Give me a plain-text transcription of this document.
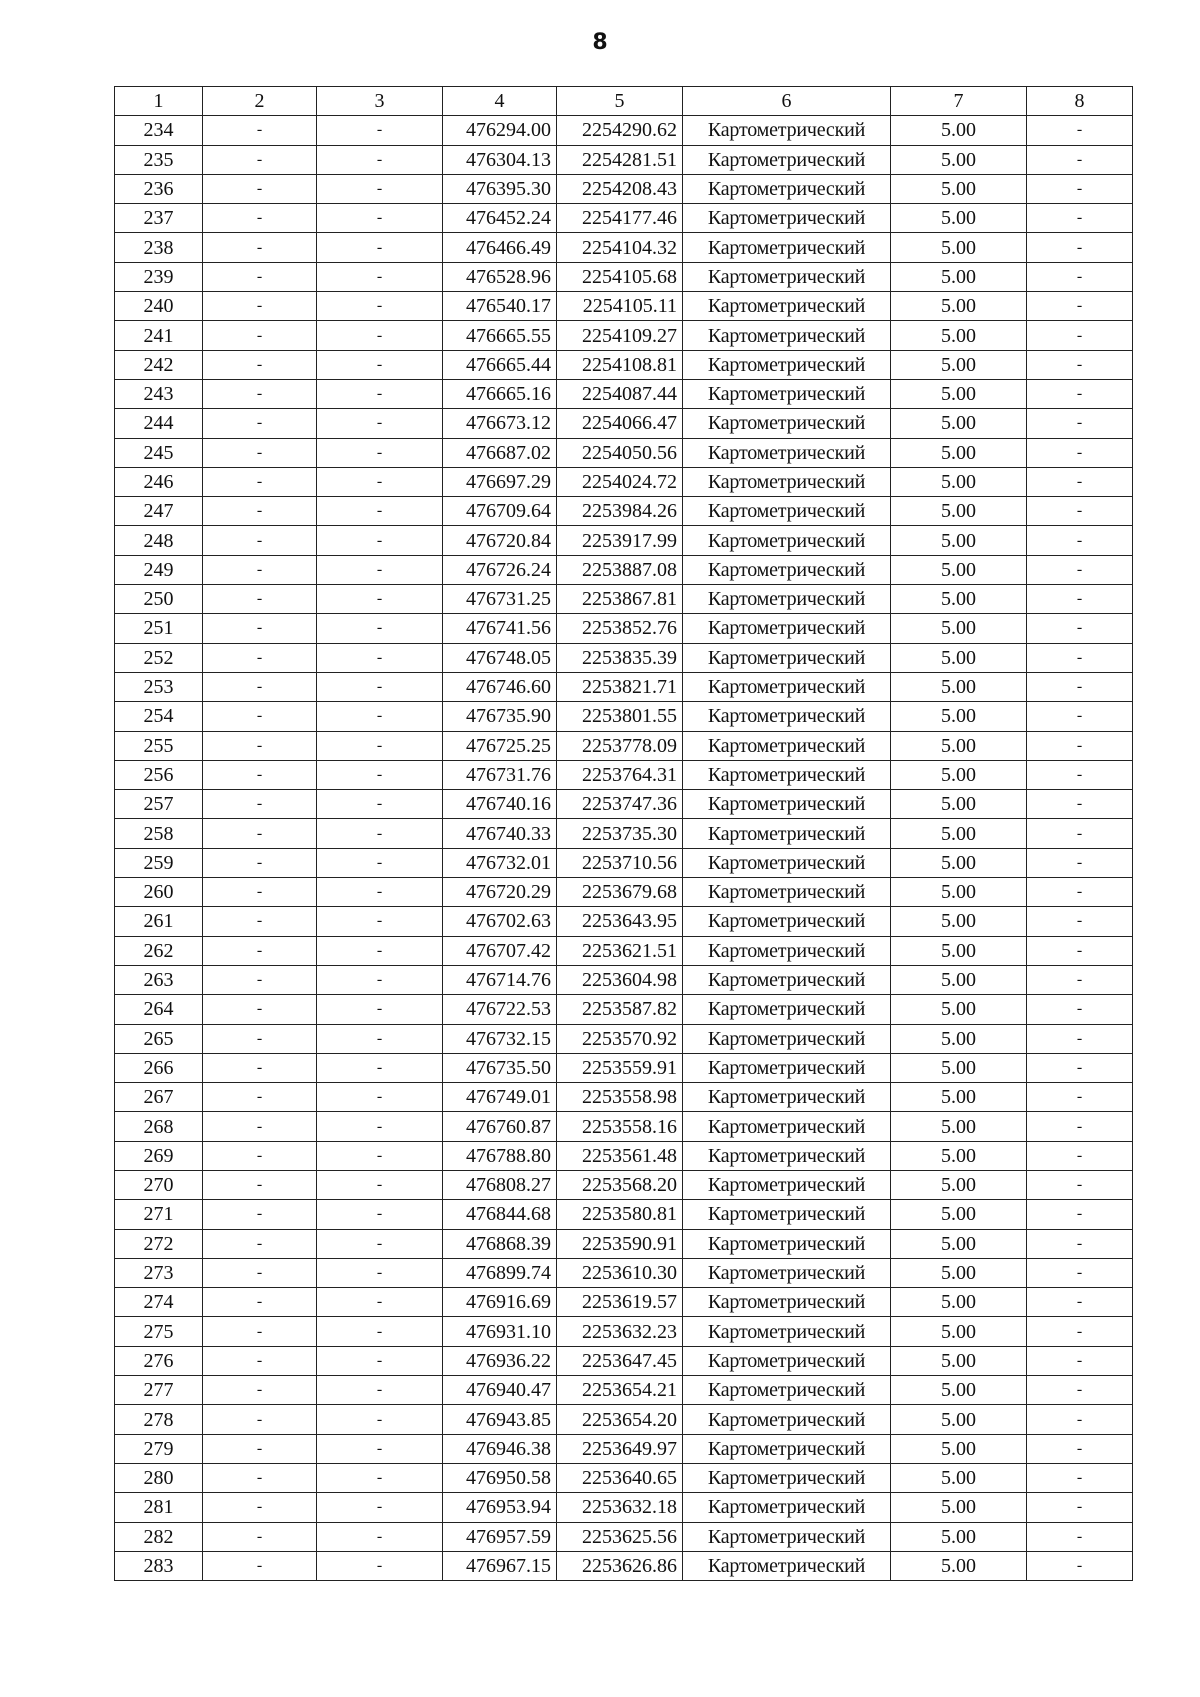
8
1	2	3	4	5	6	7	8
234	-	-	476294.00	2254290.62	Картометрический	5.00	-
235	-	-	476304.13	2254281.51	Картометрический	5.00	-
236	-	-	476395.30	2254208.43	Картометрический	5.00	-
237	-	-	476452.24	2254177.46	Картометрический	5.00	-
238	-	-	476466.49	2254104.32	Картометрический	5.00	-
239	-	-	476528.96	2254105.68	Картометрический	5.00	-
240	-	-	476540.17	2254105.11	Картометрический	5.00	-
241	-	-	476665.55	2254109.27	Картометрический	5.00	-
242	-	-	476665.44	2254108.81	Картометрический	5.00	-
243	-	-	476665.16	2254087.44	Картометрический	5.00	-
244	-	-	476673.12	2254066.47	Картометрический	5.00	-
245	-	-	476687.02	2254050.56	Картометрический	5.00	-
246	-	-	476697.29	2254024.72	Картометрический	5.00	-
247	-	-	476709.64	2253984.26	Картометрический	5.00	-
248	-	-	476720.84	2253917.99	Картометрический	5.00	-
249	-	-	476726.24	2253887.08	Картометрический	5.00	-
250	-	-	476731.25	2253867.81	Картометрический	5.00	-
251	-	-	476741.56	2253852.76	Картометрический	5.00	-
252	-	-	476748.05	2253835.39	Картометрический	5.00	-
253	-	-	476746.60	2253821.71	Картометрический	5.00	-
254	-	-	476735.90	2253801.55	Картометрический	5.00	-
255	-	-	476725.25	2253778.09	Картометрический	5.00	-
256	-	-	476731.76	2253764.31	Картометрический	5.00	-
257	-	-	476740.16	2253747.36	Картометрический	5.00	-
258	-	-	476740.33	2253735.30	Картометрический	5.00	-
259	-	-	476732.01	2253710.56	Картометрический	5.00	-
260	-	-	476720.29	2253679.68	Картометрический	5.00	-
261	-	-	476702.63	2253643.95	Картометрический	5.00	-
262	-	-	476707.42	2253621.51	Картометрический	5.00	-
263	-	-	476714.76	2253604.98	Картометрический	5.00	-
264	-	-	476722.53	2253587.82	Картометрический	5.00	-
265	-	-	476732.15	2253570.92	Картометрический	5.00	-
266	-	-	476735.50	2253559.91	Картометрический	5.00	-
267	-	-	476749.01	2253558.98	Картометрический	5.00	-
268	-	-	476760.87	2253558.16	Картометрический	5.00	-
269	-	-	476788.80	2253561.48	Картометрический	5.00	-
270	-	-	476808.27	2253568.20	Картометрический	5.00	-
271	-	-	476844.68	2253580.81	Картометрический	5.00	-
272	-	-	476868.39	2253590.91	Картометрический	5.00	-
273	-	-	476899.74	2253610.30	Картометрический	5.00	-
274	-	-	476916.69	2253619.57	Картометрический	5.00	-
275	-	-	476931.10	2253632.23	Картометрический	5.00	-
276	-	-	476936.22	2253647.45	Картометрический	5.00	-
277	-	-	476940.47	2253654.21	Картометрический	5.00	-
278	-	-	476943.85	2253654.20	Картометрический	5.00	-
279	-	-	476946.38	2253649.97	Картометрический	5.00	-
280	-	-	476950.58	2253640.65	Картометрический	5.00	-
281	-	-	476953.94	2253632.18	Картометрический	5.00	-
282	-	-	476957.59	2253625.56	Картометрический	5.00	-
283	-	-	476967.15	2253626.86	Картометрический	5.00	-
